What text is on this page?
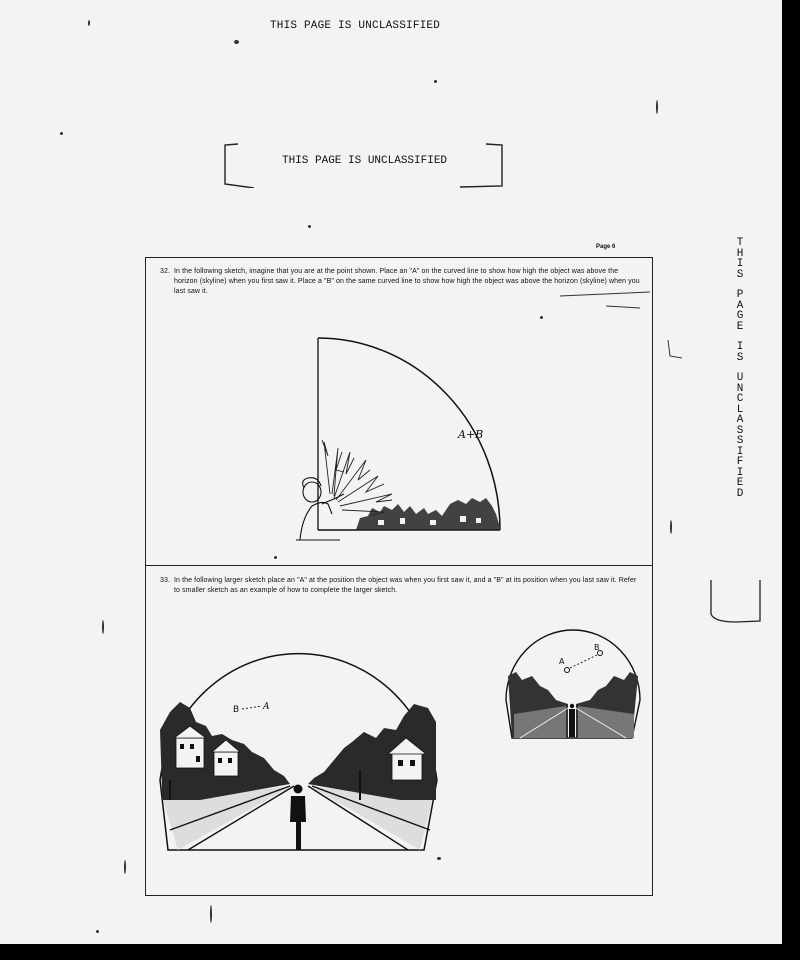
THIS PAGE IS UNCLASSIFIED
THIS PAGE IS UNCLASSIFIED
T
H
I
S
P
A
G
E
I
S
U
N
C
L
A
S
S
I
F
I
E
D
Page 6
32. In the following sketch, imagine that you are at the point shown. Place an "A" on the curved line to show how high the object was above the horizon (skyline) when you first saw it. Place a "B" on the same curved line to show how high the object was above the horizon (skyline) when you last saw it.
33. In the following larger sketch place an "A" at the position the object was when you first saw it, and a "B" at its position when you last saw it. Refer to smaller sketch as an example of how to complete the larger sketch.
A+B
B	A
A
B
